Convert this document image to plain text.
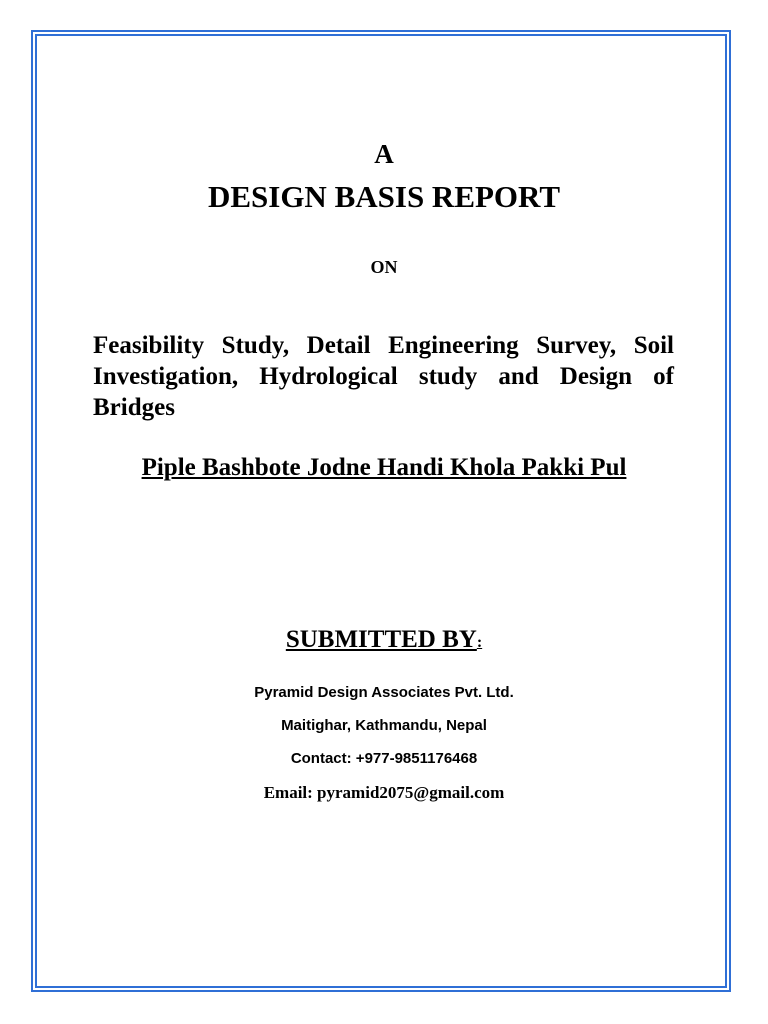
A

DESIGN BASIS REPORT

ON

Feasibility Study, Detail Engineering Survey, Soil Investigation, Hydrological study and Design of Bridges

Piple Bashbote Jodne Handi Khola Pakki Pul

SUBMITTED BY:

Pyramid Design Associates Pvt. Ltd.

Maitighar, Kathmandu, Nepal

Contact: +977-9851176468

Email: pyramid2075@gmail.com
